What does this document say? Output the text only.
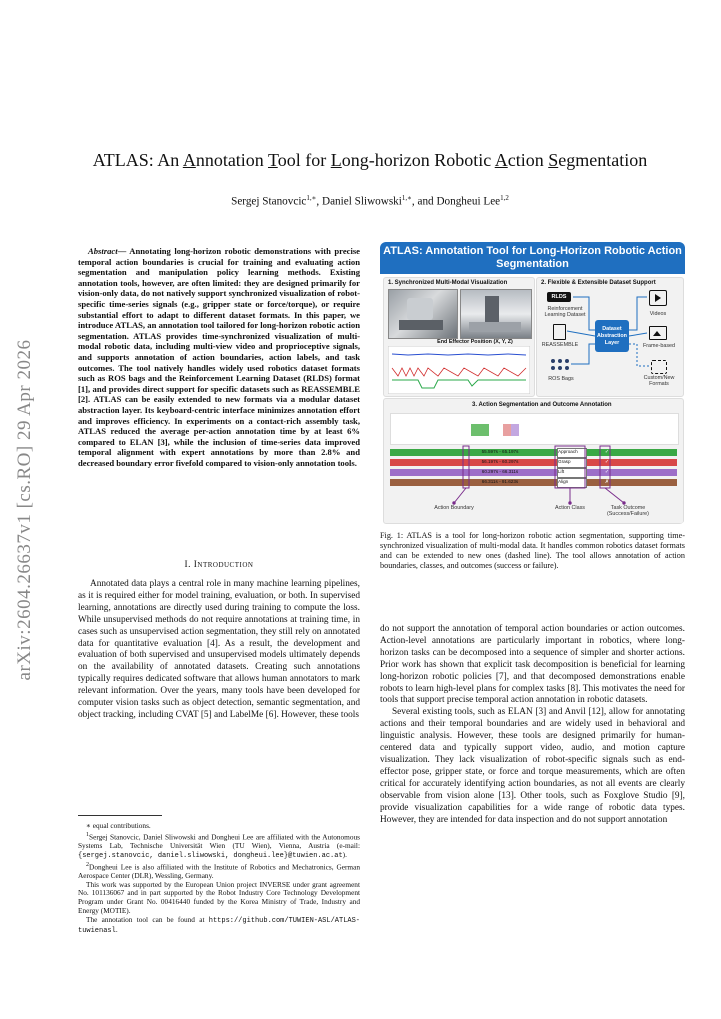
arXiv:2604.26637v1 [cs.RO] 29 Apr 2026
ATLAS: An Annotation Tool for Long-horizon Robotic Action Segmentation
Sergej Stanovcic$^{1,∗}$, Daniel Sliwowski$^{1,∗}$, and Dongheui Lee$^{1,2}$
Abstract— Annotating long-horizon robotic demonstrations with precise temporal action boundaries is crucial for training and evaluating action segmentation and manipulation policy learning methods. Existing annotation tools, however, are often limited: they are designed primarily for vision-only data, do not natively support synchronized visualization of robot-specific time-series signals (e.g., gripper state or force/torque), or require substantial effort to adapt to different dataset formats. In this paper, we introduce ATLAS, an annotation tool tailored for long-horizon robotic action segmentation. ATLAS provides time-synchronized visualization of multi-modal robotic data, including multi-view video and proprioceptive signals, and supports annotation of action boundaries, action labels, and task outcomes. The tool natively handles widely used robotics dataset formats such as ROS bags and the Reinforcement Learning Dataset (RLDS) format [1], and provides direct support for specific datasets such as REASSEMBLE [2]. ATLAS can be easily extended to new formats via a modular dataset abstraction layer. Its keyboard-centric interface minimizes annotation effort and improves efficiency. In experiments on a contact-rich assembly task, ATLAS reduced the average per-action annotation time by at least 6% compared to ELAN [3], while the inclusion of time-series data improved temporal alignment with expert annotations by more than 2.8% and decreased boundary error fivefold compared to vision-only annotation tools.
I. Introduction

Annotated data plays a central role in many machine learning pipelines, as it is required either for model training, evaluation, or both. In supervised learning, annotations are directly used during training to compute the loss. While unsupervised methods do not require annotations at training time, in cases such as unsupervised action segmentation, they still rely on annotated data for quantitative evaluation [4]. As a result, the development and evaluation of both supervised and unsupervised models ultimately depends on the availability of annotated datasets. Creating such annotations typically requires dedicated software that allows human annotators to mark relevant information. Over the years, many tools have been developed for computer vision tasks such as object detection, semantic segmentation, and object tracking, including CVAT [5] and LabelMe [6]. However, these tools

∗ equal contributions.

$^1$Sergej Stanovcic, Daniel Sliwowski and Dongheui Lee are affiliated with the Autonomous Systems Lab, Technische Universität Wien (TU Wien), Vienna, Austria (e-mail: {sergej.stanovcic, daniel.sliwowski, dongheui.lee}@tuwien.ac.at).

$^2$Dongheui Lee is also affiliated with the Institute of Robotics and Mechatronics, German Aerospace Center (DLR), Wessling, Germany.

This work was supported by the European Union project INVERSE under grant agreement No. 101136067 and in part supported by the Robot Industry Core Technology Development Program under Grant No. 00416440 funded by the Korea Ministry of Trade, Industry and Energy (MOTIE).

The annotation tool can be found at https://github.com/TUWIEN-ASL/ATLAS-tuwienasl.

ATLAS: Annotation Tool for Long-Horizon Robotic Action Segmentation
1. Synchronized Multi-Modal Visualization
End Effector Position (X, Y, Z)
2. Flexible & Extensible Dataset Support
RLDS
Reinforcement Learning Dataset	Videos
REASSEMBLE
Dataset Abstraction Layer
Frame-based
ROS Bags	Custom/New Formats
3. Action Segmentation and Outcome Annotation
55.597s - 65.197s	Approach	✓
56.197s - 60.297s	Grasp	✓
60.297s - 66.311s	Lift	✓
66.311s - 91.623s	Align	✗
Action Boundary	Action Class	Task Outcome (Success/Failure)
Fig. 1: ATLAS is a tool for long-horizon robotic action segmentation, supporting time-synchronized visualization of multi-modal data. It handles common robotics dataset formats and can be extended to new ones (dashed line). The tool allows annotation of action boundaries, classes, and outcomes (success or failure).

do not support the annotation of temporal action boundaries or action outcomes. Action-level annotations are particularly important in robotics, where long-horizon tasks can be decomposed into a sequence of simpler and shorter actions. Prior work has shown that explicit task decomposition is beneficial for learning long-horizon robotic policies [7], and that decomposed demonstrations enable robots to learn high-level plans for complex tasks [8]. This motivates the need for tools that support precise temporal action annotation in robotic datasets.

Several existing tools, such as ELAN [3] and Anvil [12], allow for annotating actions and their temporal boundaries and are widely used in behavioral and linguistic analysis. However, these tools are designed primarily for human-centered data and typically support video, audio, and motion capture visualization. They lack visualization of robot-specific signals such as end-effector pose, gripper state, or force and torque measurements, which are often critical for accurately identifying action boundaries, as not all events are clearly observable from vision alone [13]. Other tools, such as Foxglove Studio [9], provide visualization capabilities for a wide range of robotic data types. However, they are intended for data inspection and do not support annotation
